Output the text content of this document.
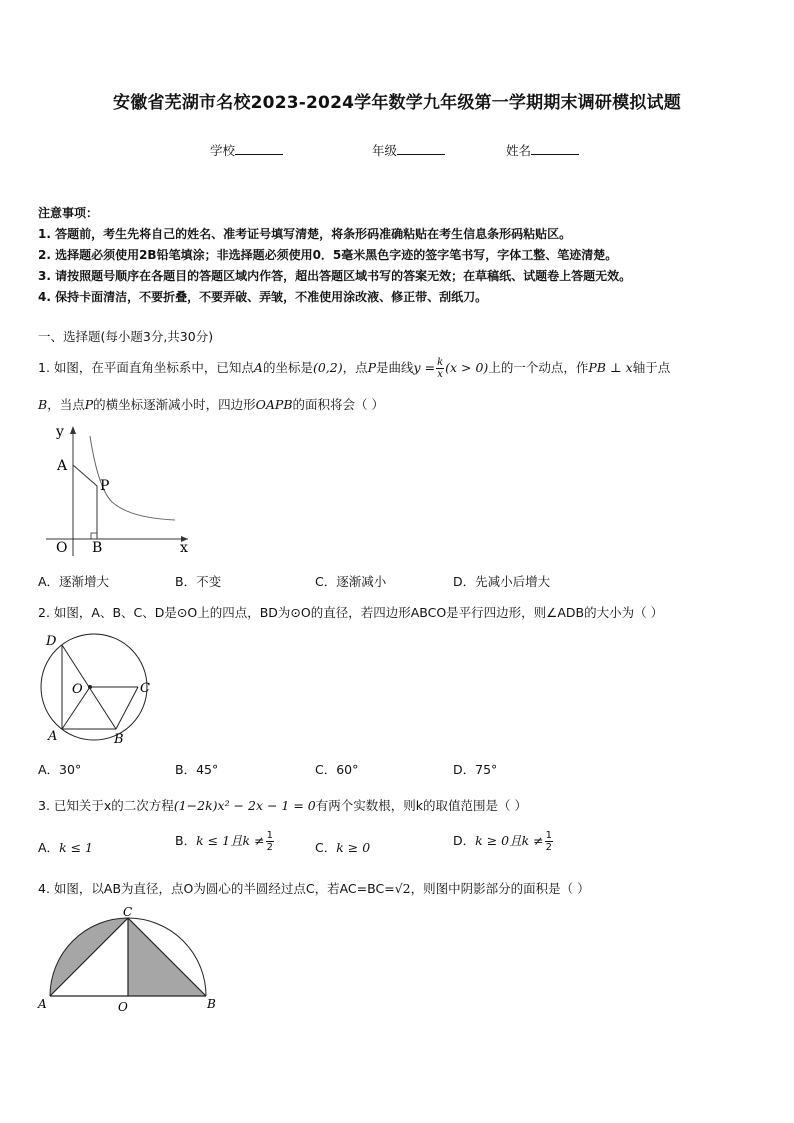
安徽省芜湖市名校2023-2024学年数学九年级第一学期期末调研模拟试题
学校	年级	姓名

注意事项：

1. 答题前，考生先将自己的姓名、准考证号填写清楚，将条形码准确粘贴在考生信息条形码粘贴区。

2. 选择题必须使用2B铅笔填涂；非选择题必须使用0．5毫米黑色字迹的签字笔书写，字体工整、笔迹清楚。

3. 请按照题号顺序在各题目的答题区域内作答，超出答题区域书写的答案无效；在草稿纸、试题卷上答题无效。

4. 保持卡面清洁，不要折叠，不要弄破、弄皱，不准使用涂改液、修正带、刮纸刀。

一、选择题(每小题3分,共30分)
1. 如图，在平面直角坐标系中，已知点A的坐标是(0,2)，点P是曲线$y = \frac{k}{x} (x > 0)$上的一个动点，作PB ⊥ x轴于点
B，当点P的横坐标逐渐减小时，四边形OAPB的面积将会（ ）
y
A
P
O B	x
A．逐渐增大	B．不变	C．逐渐减小	D．先减小后增大
2. 如图，A、B、C、D是⊙O上的四点，BD为⊙O的直径，若四边形ABCO是平行四边形，则∠ADB的大小为（ ）
D
O	C
A	B
A．30°	B．45°	C．60°	D．75°
3. 已知关于x的二次方程(1−2k)x² − 2x − 1 = 0有两个实数根，则k的取值范围是（ ）
A．k ≤ 1	B．k ≤ 1且$k \ne \frac{1}{2}$	C．k ≥ 0	D．k ≥ 0且$k \ne \frac{1}{2}$
4. 如图，以AB为直径，点O为圆心的半圆经过点C，若AC=BC=√2，则图中阴影部分的面积是（ ）
C
A	O	B
